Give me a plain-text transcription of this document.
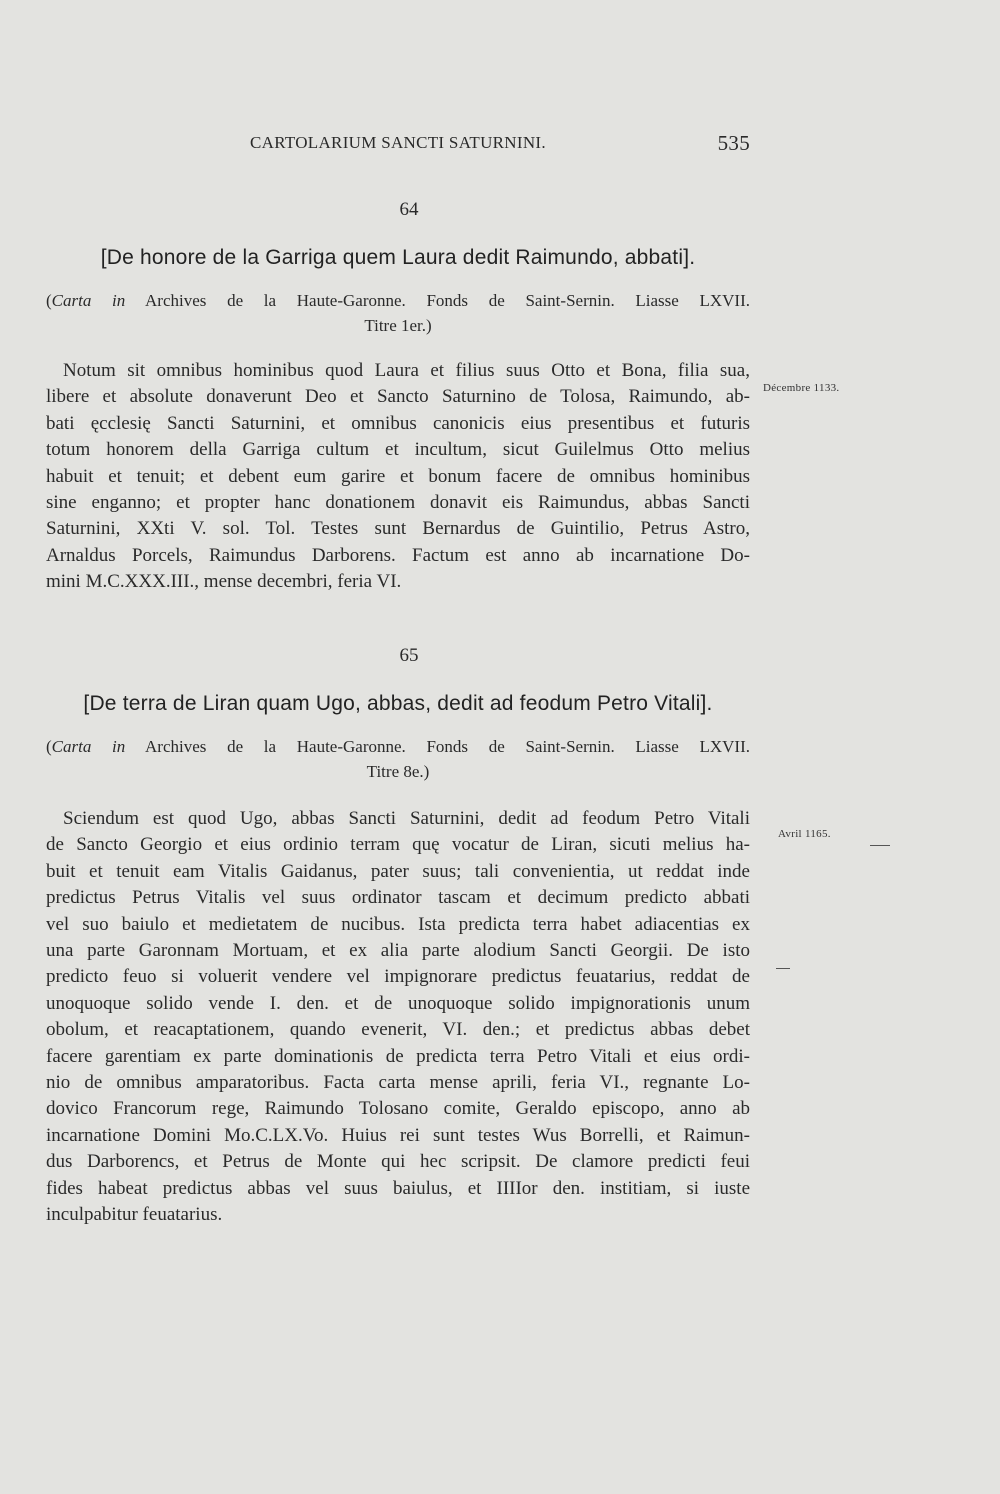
CARTOLARIUM SANCTI SATURNINI.	535
64
[De honore de la Garriga quem Laura dedit Raimundo, abbati].
(Carta in Archives de la Haute-Garonne. Fonds de Saint-Sernin. Liasse LXVII.
Titre 1er.)
Notum sit omnibus hominibus quod Laura et filius suus Otto et Bona, filia sua,
libere et absolute donaverunt Deo et Sancto Saturnino de Tolosa, Raimundo, ab-
bati ęcclesię Sancti Saturnini, et omnibus canonicis eius presentibus et futuris
totum honorem della Garriga cultum et incultum, sicut Guilelmus Otto melius
habuit et tenuit; et debent eum garire et bonum facere de omnibus hominibus
sine enganno; et propter hanc donationem donavit eis Raimundus, abbas Sancti
Saturnini, XXti V. sol. Tol. Testes sunt Bernardus de Guintilio, Petrus Astro,
Arnaldus Porcels, Raimundus Darborens. Factum est anno ab incarnatione Do-
mini M.C.XXX.III., mense decembri, feria VI.
Décembre 1133.
65
[De terra de Liran quam Ugo, abbas, dedit ad feodum Petro Vitali].
(Carta in Archives de la Haute-Garonne. Fonds de Saint-Sernin. Liasse LXVII.
Titre 8e.)
Sciendum est quod Ugo, abbas Sancti Saturnini, dedit ad feodum Petro Vitali
de Sancto Georgio et eius ordinio terram quę vocatur de Liran, sicuti melius ha-
buit et tenuit eam Vitalis Gaidanus, pater suus; tali convenientia, ut reddat inde
predictus Petrus Vitalis vel suus ordinator tascam et decimum predicto abbati
vel suo baiulo et medietatem de nucibus. Ista predicta terra habet adiacentias ex
una parte Garonnam Mortuam, et ex alia parte alodium Sancti Georgii. De isto
predicto feuo si voluerit vendere vel impignorare predictus feuatarius, reddat de
unoquoque solido vende I. den. et de unoquoque solido impignorationis unum
obolum, et reacaptationem, quando evenerit, VI. den.; et predictus abbas debet
facere garentiam ex parte dominationis de predicta terra Petro Vitali et eius ordi-
nio de omnibus amparatoribus. Facta carta mense aprili, feria VI., regnante Lo-
dovico Francorum rege, Raimundo Tolosano comite, Geraldo episcopo, anno ab
incarnatione Domini Mo.C.LX.Vo. Huius rei sunt testes Wus Borrelli, et Raimun-
dus Darborencs, et Petrus de Monte qui hec scripsit. De clamore predicti feui
fides habeat predictus abbas vel suus baiulus, et IIIIor den. institiam, si iuste
inculpabitur feuatarius.
Avril 1165.
